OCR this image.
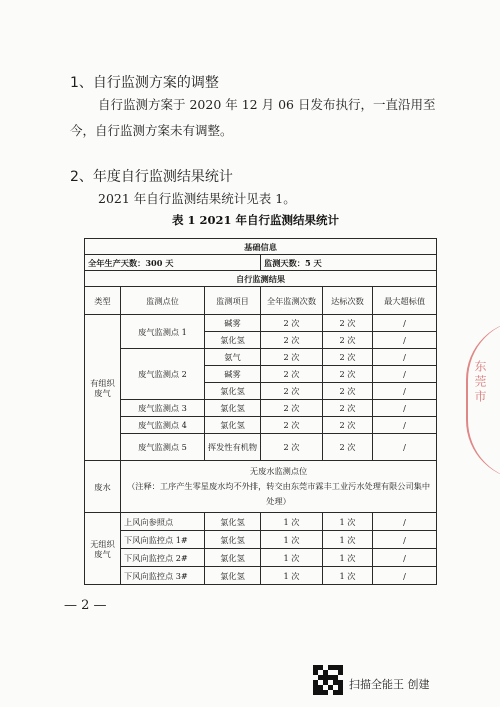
1、自行监测方案的调整
自行监测方案于 2020 年 12 月 06 日发布执行，一直沿用至
今，自行监测方案未有调整。
2、年度自行监测结果统计
2021 年自行监测结果统计见表 1。
表 1 2021 年自行监测结果统计
基础信息					
全年生产天数：300 天			监测天数：5 天		
自行监测结果					
类型	监测点位	监测项目	全年监测次数	达标次数	最大超标值
有组织废气	废气监测点 1	碱雾	2 次	2 次	/
		氯化氢	2 次	2 次	/
	废气监测点 2	氨气	2 次	2 次	/
		碱雾	2 次	2 次	/
		氯化氢	2 次	2 次	/
	废气监测点 3	氯化氢	2 次	2 次	/
	废气监测点 4	氯化氢	2 次	2 次	/
	废气监测点 5	挥发性有机物	2 次	2 次	/
废水	无废水监测点位
（注释：工序产生零星废水均不外排，转交由东莞市霖丰工业污水处理有限公司集中处理）				

无组织废气	上风向参照点	氯化氢	1 次	1 次	/
	下风向监控点 1#	氯化氢	1 次	1 次	/
	下风向监控点 2#	氯化氢	1 次	1 次	/
	下风向监控点 3#	氯化氢	1 次	1 次	/
— 2 —
东莞市
扫描全能王 创建
